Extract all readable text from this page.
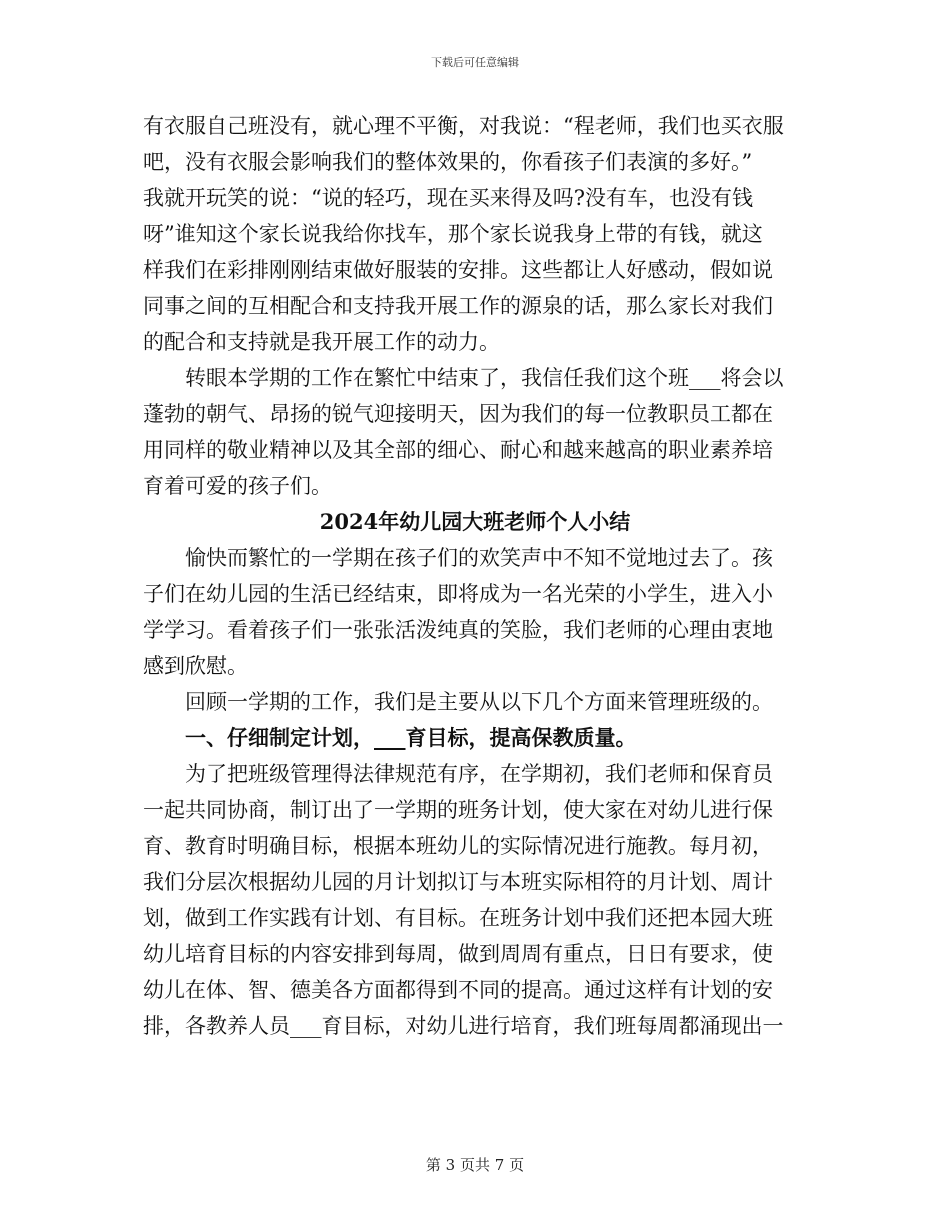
下载后可任意编辑
有衣服自己班没有，就心理不平衡，对我说：“程老师，我们也买衣服
吧，没有衣服会影响我们的整体效果的，你看孩子们表演的多好。”
我就开玩笑的说：“说的轻巧，现在买来得及吗?没有车，也没有钱
呀”谁知这个家长说我给你找车，那个家长说我身上带的有钱，就这
样我们在彩排刚刚结束做好服装的安排。这些都让人好感动，假如说
同事之间的互相配合和支持我开展工作的源泉的话，那么家长对我们
的配合和支持就是我开展工作的动力。
转眼本学期的工作在繁忙中结束了，我信任我们这个班___将会以
蓬勃的朝气、昂扬的锐气迎接明天，因为我们的每一位教职员工都在
用同样的敬业精神以及其全部的细心、耐心和越来越高的职业素养培
育着可爱的孩子们。
2024年幼儿园大班老师个人小结
愉快而繁忙的一学期在孩子们的欢笑声中不知不觉地过去了。孩
子们在幼儿园的生活已经结束，即将成为一名光荣的小学生，进入小
学学习。看着孩子们一张张活泼纯真的笑脸，我们老师的心理由衷地
感到欣慰。
回顾一学期的工作，我们是主要从以下几个方面来管理班级的。
一、仔细制定计划，___育目标，提高保教质量。
为了把班级管理得法律规范有序，在学期初，我们老师和保育员
一起共同协商，制订出了一学期的班务计划，使大家在对幼儿进行保
育、教育时明确目标，根据本班幼儿的实际情况进行施教。每月初，
我们分层次根据幼儿园的月计划拟订与本班实际相符的月计划、周计
划，做到工作实践有计划、有目标。在班务计划中我们还把本园大班
幼儿培育目标的内容安排到每周，做到周周有重点，日日有要求，使
幼儿在体、智、德美各方面都得到不同的提高。通过这样有计划的安
排，各教养人员___育目标，对幼儿进行培育，我们班每周都涌现出一
第 3 页共 7 页
